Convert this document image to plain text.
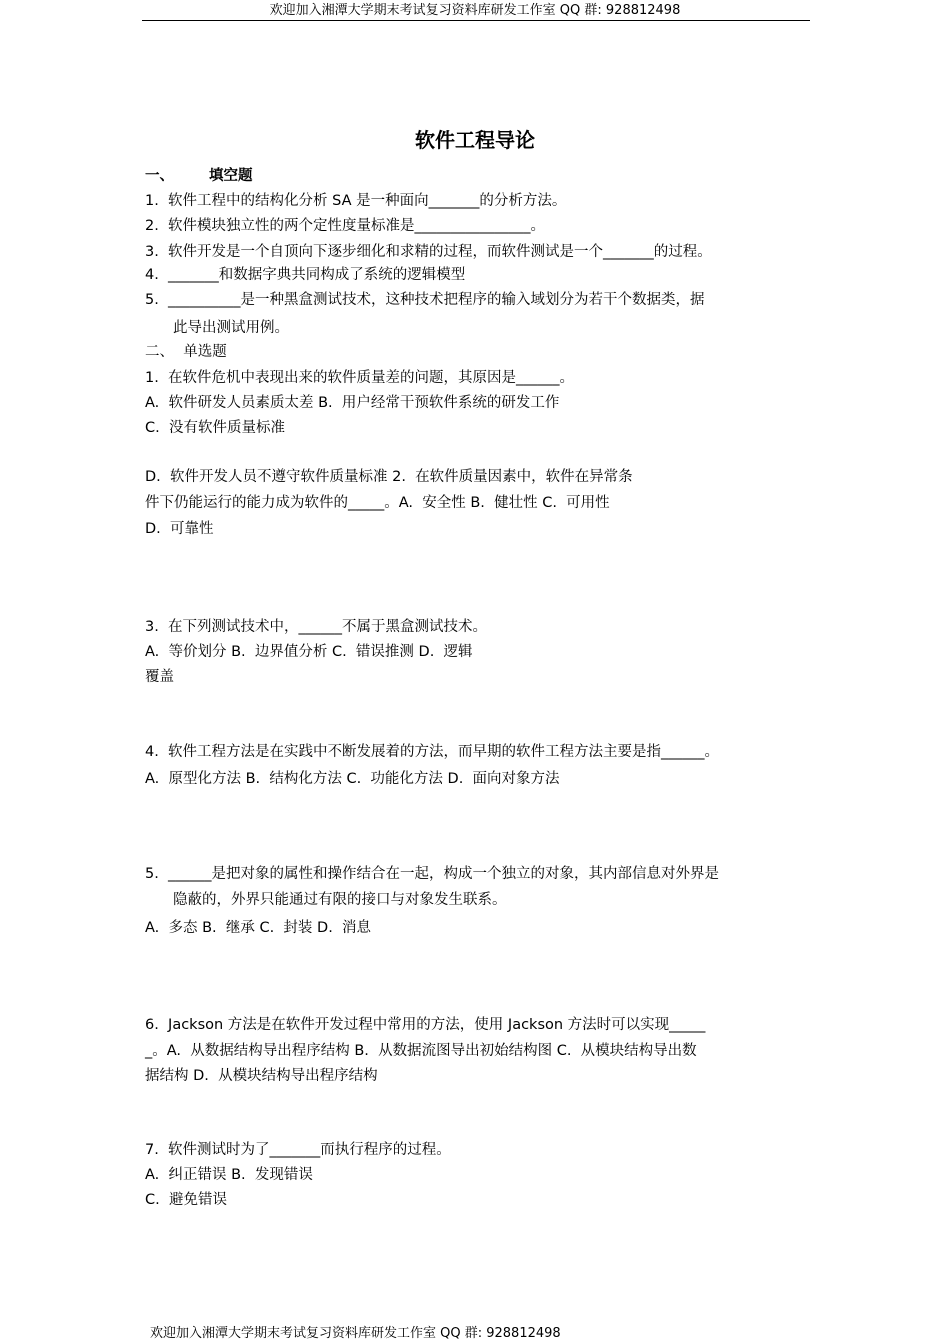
欢迎加入湘潭大学期末考试复习资料库研发工作室 QQ 群: 928812498
软件工程导论
一、 填空题
1.  软件工程中的结构化分析 SA 是一种面向_______的分析方法。
2.  软件模块独立性的两个定性度量标准是________________。
3.  软件开发是一个自顶向下逐步细化和求精的过程，而软件测试是一个_______的过程。
4.  _______和数据字典共同构成了系统的逻辑模型
5.  __________是一种黑盒测试技术，这种技术把程序的输入域划分为若干个数据类，据
此导出测试用例。
二、  单选题
1.  在软件危机中表现出来的软件质量差的问题，其原因是______。
A.  软件研发人员素质太差 B.  用户经常干预软件系统的研发工作
C.  没有软件质量标准
D.  软件开发人员不遵守软件质量标准 2.  在软件质量因素中，软件在异常条
件下仍能运行的能力成为软件的_____。A.  安全性 B.  健壮性 C.  可用性
D.  可靠性
3.  在下列测试技术中，______不属于黑盒测试技术。
A.  等价划分 B.  边界值分析 C.  错误推测 D.  逻辑
覆盖
4.  软件工程方法是在实践中不断发展着的方法，而早期的软件工程方法主要是指______。
A.  原型化方法 B.  结构化方法 C.  功能化方法 D.  面向对象方法
5.  ______是把对象的属性和操作结合在一起，构成一个独立的对象，其内部信息对外界是
隐蔽的，外界只能通过有限的接口与对象发生联系。
A.  多态 B.  继承 C.  封装 D.  消息
6.  Jackson 方法是在软件开发过程中常用的方法，使用 Jackson 方法时可以实现_____
_。A.  从数据结构导出程序结构 B.  从数据流图导出初始结构图 C.  从模块结构导出数
据结构 D.  从模块结构导出程序结构
7.  软件测试时为了_______而执行程序的过程。
A.  纠正错误 B.  发现错误
C.  避免错误
欢迎加入湘潭大学期末考试复习资料库研发工作室 QQ 群: 928812498
